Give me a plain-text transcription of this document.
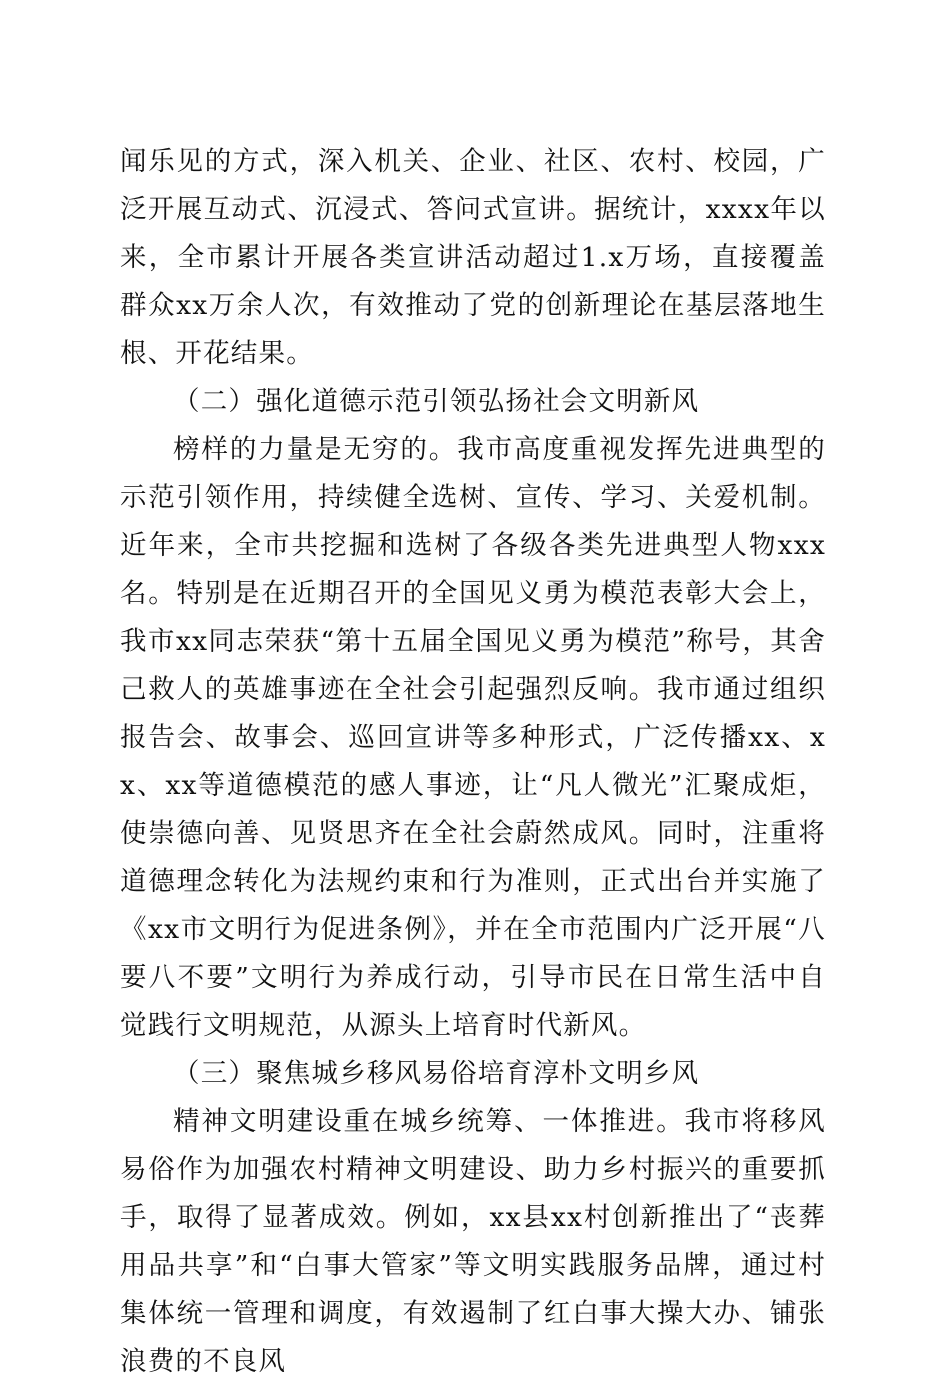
闻乐见的方式，深入机关、企业、社区、农村、校园，广泛开展互动式、沉浸式、答问式宣讲。据统计，xxxx年以来，全市累计开展各类宣讲活动超过1.x万场，直接覆盖群众xx万余人次，有效推动了党的创新理论在基层落地生根、开花结果。

（二）强化道德示范引领弘扬社会文明新风

榜样的力量是无穷的。我市高度重视发挥先进典型的示范引领作用，持续健全选树、宣传、学习、关爱机制。近年来，全市共挖掘和选树了各级各类先进典型人物xxx名。特别是在近期召开的全国见义勇为模范表彰大会上，我市xx同志荣获“第十五届全国见义勇为模范”称号，其舍己救人的英雄事迹在全社会引起强烈反响。我市通过组织报告会、故事会、巡回宣讲等多种形式，广泛传播xx、xx、xx等道德模范的感人事迹，让“凡人微光”汇聚成炬，使崇德向善、见贤思齐在全社会蔚然成风。同时，注重将道德理念转化为法规约束和行为准则，正式出台并实施了《xx市文明行为促进条例》，并在全市范围内广泛开展“八要八不要”文明行为养成行动，引导市民在日常生活中自觉践行文明规范，从源头上培育时代新风。

（三）聚焦城乡移风易俗培育淳朴文明乡风

精神文明建设重在城乡统筹、一体推进。我市将移风易俗作为加强农村精神文明建设、助力乡村振兴的重要抓手，取得了显著成效。例如，xx县xx村创新推出了“丧葬用品共享”和“白事大管家”等文明实践服务品牌，通过村集体统一管理和调度，有效遏制了红白事大操大办、铺张浪费的不良风
